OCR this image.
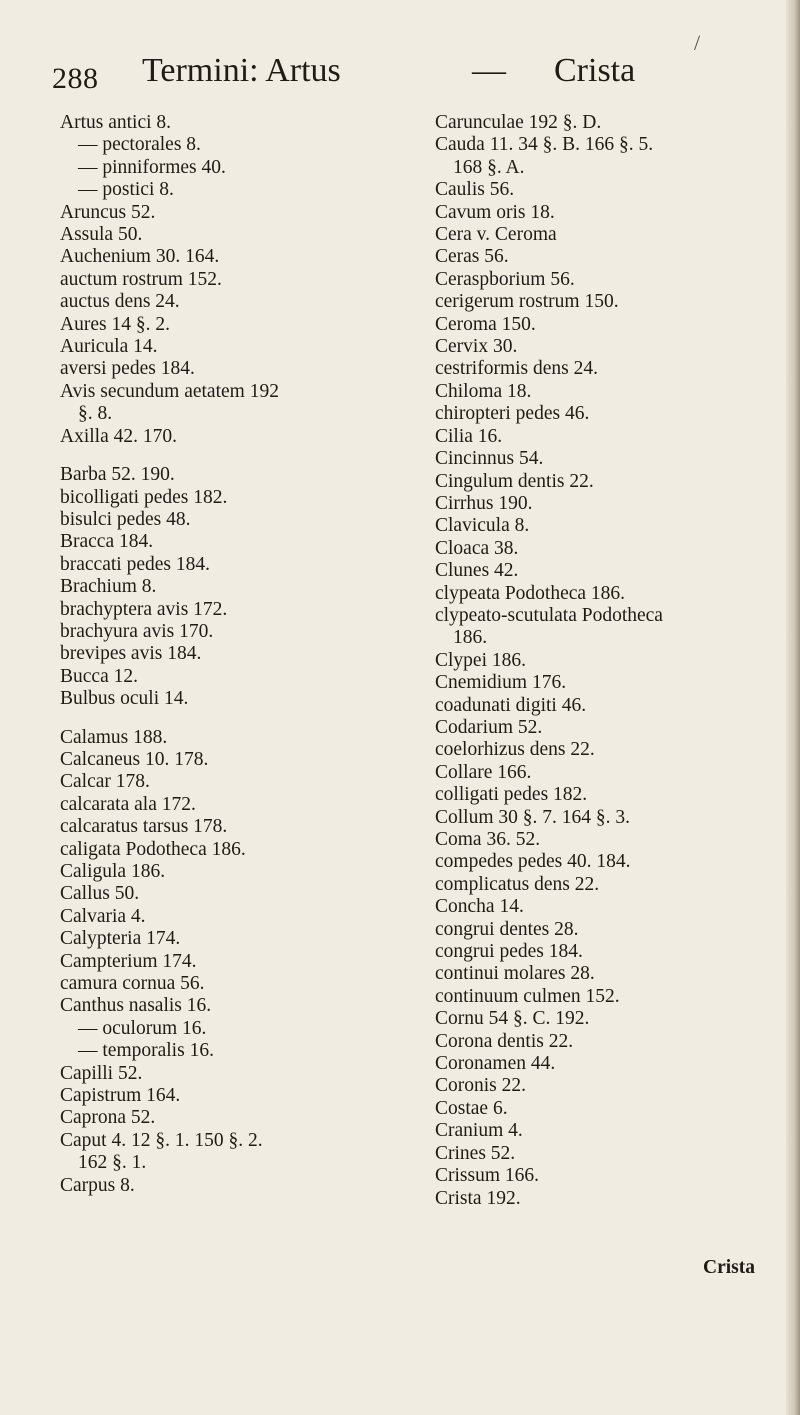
288 Termini: Artus	— Crista
/
Artus antici 8.
— pectorales 8.
— pinniformes 40.
— postici 8.
Aruncus 52.
Assula 50.
Auchenium 30. 164.
auctum rostrum 152.
auctus dens 24.
Aures 14 §. 2.
Auricula 14.
aversi pedes 184.
Avis secundum aetatem 192
§. 8.
Axilla 42. 170.
Barba 52. 190.
bicolligati pedes 182.
bisulci pedes 48.
Bracca 184.
braccati pedes 184.
Brachium 8.
brachyptera avis 172.
brachyura avis 170.
brevipes avis 184.
Bucca 12.
Bulbus oculi 14.
Calamus 188.
Calcaneus 10. 178.
Calcar 178.
calcarata ala 172.
calcaratus tarsus 178.
caligata Podotheca 186.
Caligula 186.
Callus 50.
Calvaria 4.
Calypteria 174.
Campterium 174.
camura cornua 56.
Canthus nasalis 16.
— oculorum 16.
— temporalis 16.
Capilli 52.
Capistrum 164.
Caprona 52.
Caput 4. 12 §. 1. 150 §. 2.
162 §. 1.
Carpus 8.
Carunculae 192 §. D.
Cauda 11. 34 §. B. 166 §. 5.
168 §. A.
Caulis 56.
Cavum oris 18.
Cera v. Ceroma
Ceras 56.
Ceraspborium 56.
cerigerum rostrum 150.
Ceroma 150.
Cervix 30.
cestriformis dens 24.
Chiloma 18.
chiropteri pedes 46.
Cilia 16.
Cincinnus 54.
Cingulum dentis 22.
Cirrhus 190.
Clavicula 8.
Cloaca 38.
Clunes 42.
clypeata Podotheca 186.
clypeato-scutulata Podotheca
186.
Clypei 186.
Cnemidium 176.
coadunati digiti 46.
Codarium 52.
coelorhizus dens 22.
Collare 166.
colligati pedes 182.
Collum 30 §. 7. 164 §. 3.
Coma 36. 52.
compedes pedes 40. 184.
complicatus dens 22.
Concha 14.
congrui dentes 28.
congrui pedes 184.
continui molares 28.
continuum culmen 152.
Cornu 54 §. C. 192.
Corona dentis 22.
Coronamen 44.
Coronis 22.
Costae 6.
Cranium 4.
Crines 52.
Crissum 166.
Crista 192.
Crista
